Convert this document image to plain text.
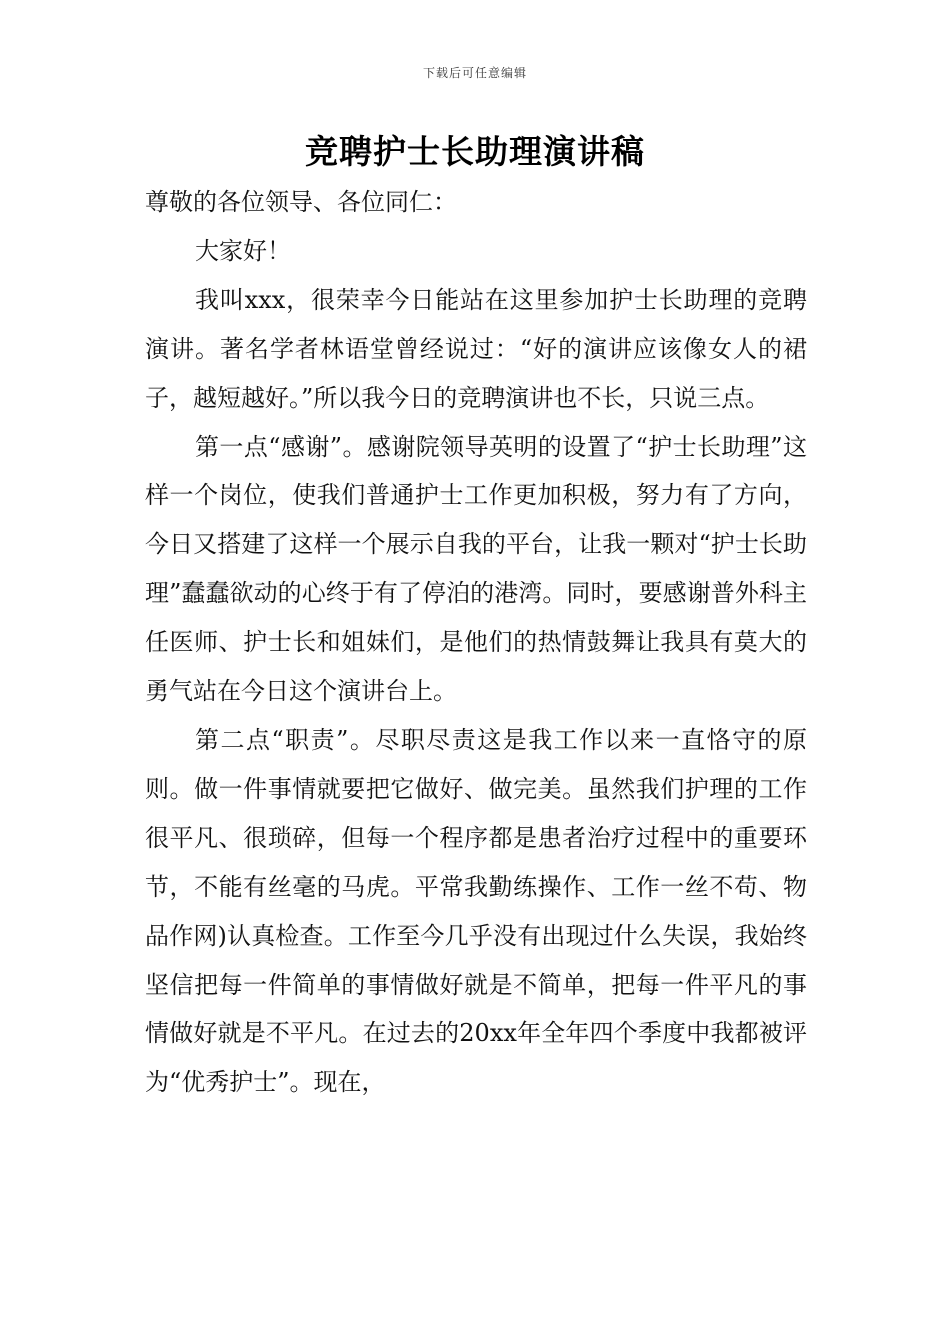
下载后可任意编辑
竞聘护士长助理演讲稿

尊敬的各位领导、各位同仁：

大家好！

我叫xxx，很荣幸今日能站在这里参加护士长助理的竞聘演讲。著名学者林语堂曾经说过：“好的演讲应该像女人的裙子，越短越好。”所以我今日的竞聘演讲也不长，只说三点。

第一点“感谢”。感谢院领导英明的设置了“护士长助理”这样一个岗位，使我们普通护士工作更加积极，努力有了方向，今日又搭建了这样一个展示自我的平台，让我一颗对“护士长助理”蠢蠢欲动的心终于有了停泊的港湾。同时，要感谢普外科主任医师、护士长和姐妹们，是他们的热情鼓舞让我具有莫大的勇气站在今日这个演讲台上。

第二点“职责”。尽职尽责这是我工作以来一直恪守的原则。做一件事情就要把它做好、做完美。虽然我们护理的工作很平凡、很琐碎，但每一个程序都是患者治疗过程中的重要环节，不能有丝毫的马虎。平常我勤练操作、工作一丝不苟、物品作网)认真检查。工作至今几乎没有出现过什么失误，我始终坚信把每一件简单的事情做好就是不简单，把每一件平凡的事情做好就是不平凡。在过去的20xx年全年四个季度中我都被评为“优秀护士”。现在，
